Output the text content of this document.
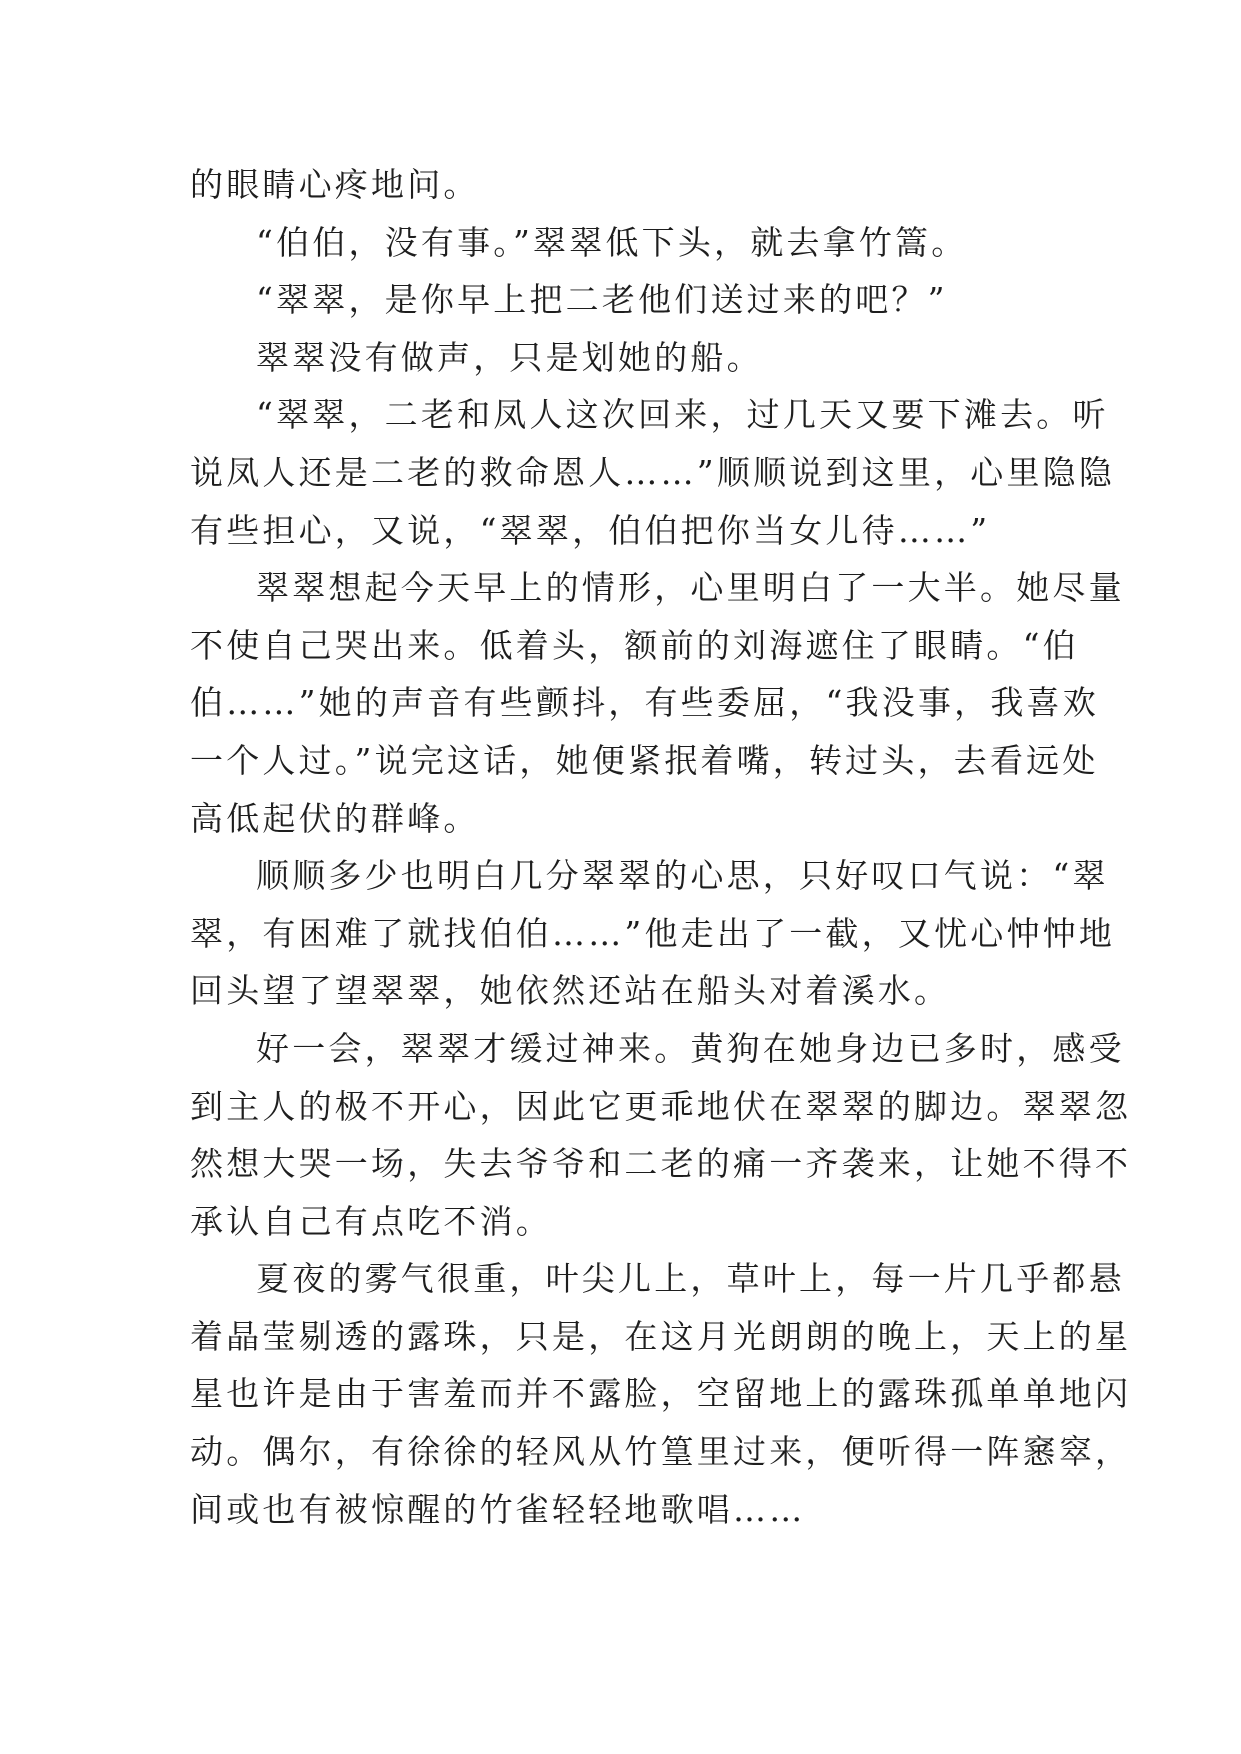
的眼睛心疼地问。
“伯伯，没有事。”翠翠低下头，就去拿竹篙。
“翠翠，是你早上把二老他们送过来的吧？”
翠翠没有做声，只是划她的船。
“翠翠，二老和凤人这次回来，过几天又要下滩去。听
说凤人还是二老的救命恩人……”顺顺说到这里，心里隐隐
有些担心，又说，“翠翠，伯伯把你当女儿待……”
翠翠想起今天早上的情形，心里明白了一大半。她尽量
不使自己哭出来。低着头，额前的刘海遮住了眼睛。“伯
伯……”她的声音有些颤抖，有些委屈，“我没事，我喜欢
一个人过。”说完这话，她便紧抿着嘴，转过头，去看远处
高低起伏的群峰。
顺顺多少也明白几分翠翠的心思，只好叹口气说：“翠
翠，有困难了就找伯伯……”他走出了一截，又忧心忡忡地
回头望了望翠翠，她依然还站在船头对着溪水。
好一会，翠翠才缓过神来。黄狗在她身边已多时，感受
到主人的极不开心，因此它更乖地伏在翠翠的脚边。翠翠忽
然想大哭一场，失去爷爷和二老的痛一齐袭来，让她不得不
承认自己有点吃不消。
夏夜的雾气很重，叶尖儿上，草叶上，每一片几乎都悬
着晶莹剔透的露珠，只是，在这月光朗朗的晚上，天上的星
星也许是由于害羞而并不露脸，空留地上的露珠孤单单地闪
动。偶尔，有徐徐的轻风从竹篁里过来，便听得一阵窸窣，
间或也有被惊醒的竹雀轻轻地歌唱……
